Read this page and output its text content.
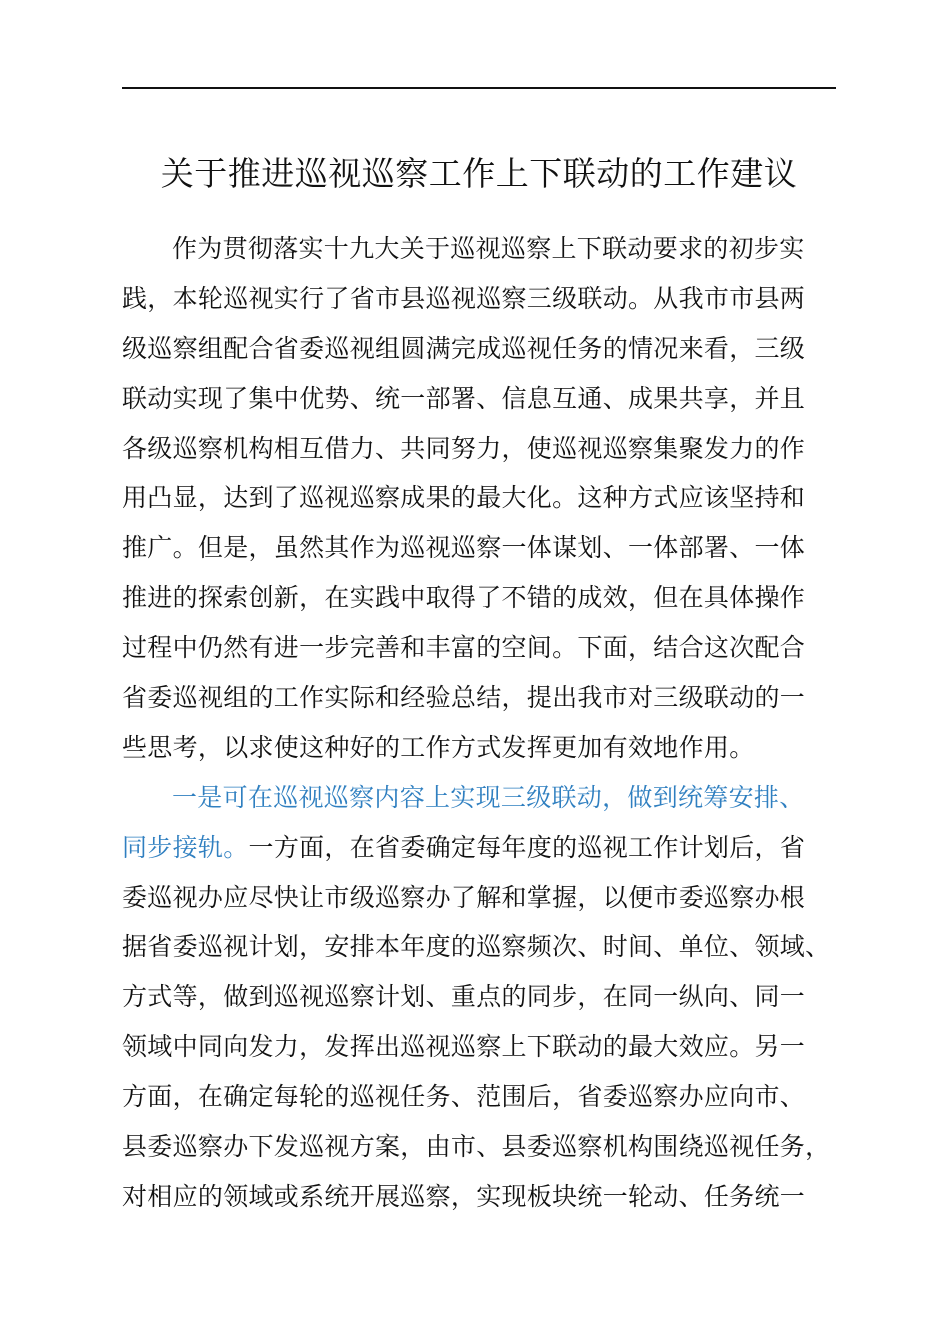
关于推进巡视巡察工作上下联动的工作建议

作为贯彻落实十九大关于巡视巡察上下联动要求的初步实
践，本轮巡视实行了省市县巡视巡察三级联动。从我市市县两
级巡察组配合省委巡视组圆满完成巡视任务的情况来看，三级
联动实现了集中优势、统一部署、信息互通、成果共享，并且
各级巡察机构相互借力、共同努力，使巡视巡察集聚发力的作
用凸显，达到了巡视巡察成果的最大化。这种方式应该坚持和
推广。但是，虽然其作为巡视巡察一体谋划、一体部署、一体
推进的探索创新，在实践中取得了不错的成效，但在具体操作
过程中仍然有进一步完善和丰富的空间。下面，结合这次配合
省委巡视组的工作实际和经验总结，提出我市对三级联动的一
些思考，以求使这种好的工作方式发挥更加有效地作用。

一是可在巡视巡察内容上实现三级联动，做到统筹安排、
同步接轨。一方面，在省委确定每年度的巡视工作计划后，省
委巡视办应尽快让市级巡察办了解和掌握，以便市委巡察办根
据省委巡视计划，安排本年度的巡察频次、时间、单位、领域、
方式等，做到巡视巡察计划、重点的同步，在同一纵向、同一
领域中同向发力，发挥出巡视巡察上下联动的最大效应。另一
方面，在确定每轮的巡视任务、范围后，省委巡察办应向市、
县委巡察办下发巡视方案，由市、县委巡察机构围绕巡视任务，
对相应的领域或系统开展巡察，实现板块统一轮动、任务统一
